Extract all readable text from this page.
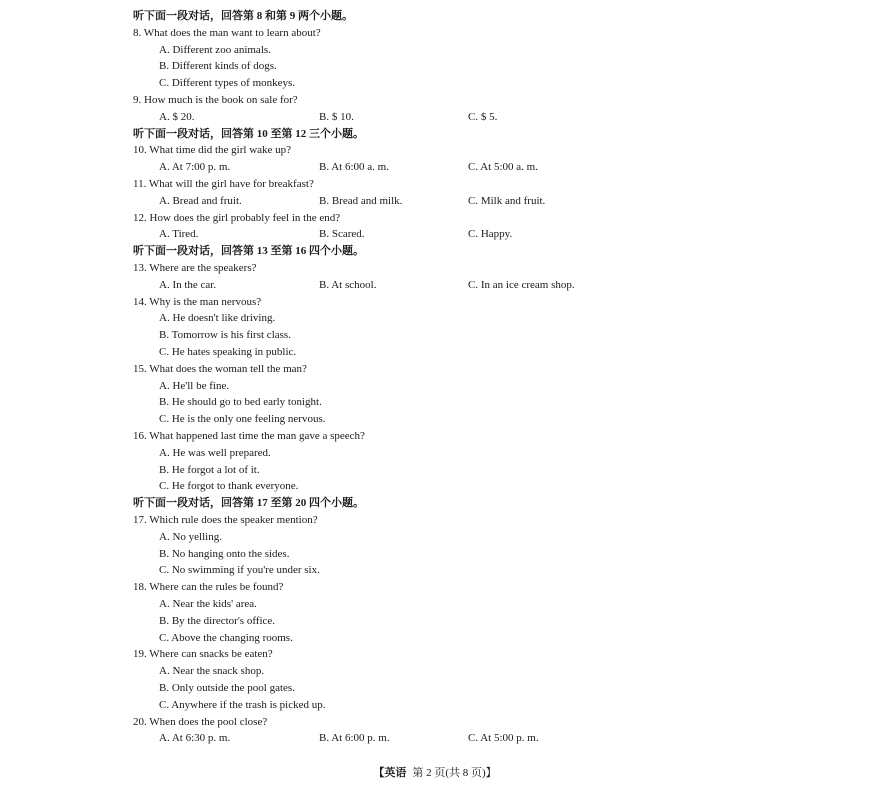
听下面一段对话，回答第 8 和第 9 两个小题。
8. What does the man want to learn about?
A. Different zoo animals.
B. Different kinds of dogs.
C. Different types of monkeys.
9. How much is the book on sale for?
A. $ 20.	B. $ 10.	C. $ 5.
听下面一段对话，回答第 10 至第 12 三个小题。
10. What time did the girl wake up?
A. At 7:00 p. m.	B. At 6:00 a. m.	C. At 5:00 a. m.
11. What will the girl have for breakfast?
A. Bread and fruit.	B. Bread and milk.	C. Milk and fruit.
12. How does the girl probably feel in the end?
A. Tired.	B. Scared.	C. Happy.
听下面一段对话，回答第 13 至第 16 四个小题。
13. Where are the speakers?
A. In the car.	B. At school.	C. In an ice cream shop.
14. Why is the man nervous?
A. He doesn't like driving.
B. Tomorrow is his first class.
C. He hates speaking in public.
15. What does the woman tell the man?
A. He'll be fine.
B. He should go to bed early tonight.
C. He is the only one feeling nervous.
16. What happened last time the man gave a speech?
A. He was well prepared.
B. He forgot a lot of it.
C. He forgot to thank everyone.
听下面一段对话，回答第 17 至第 20 四个小题。
17. Which rule does the speaker mention?
A. No yelling.
B. No hanging onto the sides.
C. No swimming if you're under six.
18. Where can the rules be found?
A. Near the kids' area.
B. By the director's office.
C. Above the changing rooms.
19. Where can snacks be eaten?
A. Near the snack shop.
B. Only outside the pool gates.
C. Anywhere if the trash is picked up.
20. When does the pool close?
A. At 6:30 p. m.	B. At 6:00 p. m.	C. At 5:00 p. m.
【英语 第 2 页(共 8 页)】
